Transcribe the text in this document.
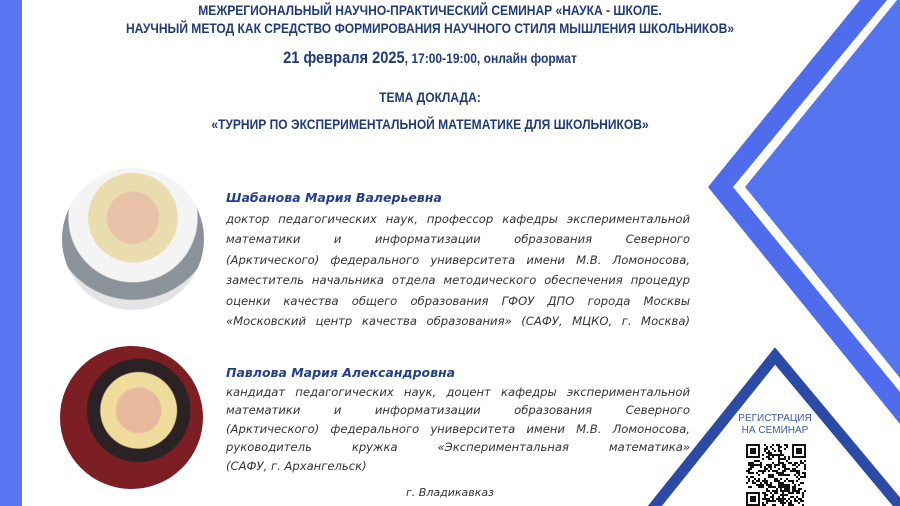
МЕЖРЕГИОНАЛЬНЫЙ НАУЧНО-ПРАКТИЧЕСКИЙ СЕМИНАР «НАУКА - ШКОЛЕ.
НАУЧНЫЙ МЕТОД КАК СРЕДСТВО ФОРМИРОВАНИЯ НАУЧНОГО СТИЛЯ МЫШЛЕНИЯ ШКОЛЬНИКОВ»
21 февраля 2025, 17:00-19:00, онлайн формат
ТЕМА ДОКЛАДА:
«ТУРНИР ПО ЭКСПЕРИМЕНТАЛЬНОЙ МАТЕМАТИКЕ ДЛЯ ШКОЛЬНИКОВ»
Шабанова Мария Валерьевна
доктор педагогических наук, профессор кафедры экспериментальной
математики и информатизации образования Северного
(Арктического) федерального университета имени М.В. Ломоносова,
заместитель начальника отдела методического обеспечения процедур
оценки качества общего образования ГФОУ ДПО города Москвы
«Московский центр качества образования» (САФУ, МЦКО, г. Москва)
Павлова Мария Александровна
кандидат педагогических наук, доцент кафедры экспериментальной
математики и информатизации образования Северного
(Арктического) федерального университета имени М.В. Ломоносова,
руководитель кружка «Экспериментальная математика»
(САФУ, г. Архангельск)
г. Владикавказ
РЕГИСТРАЦИЯ
НА СЕМИНАР
